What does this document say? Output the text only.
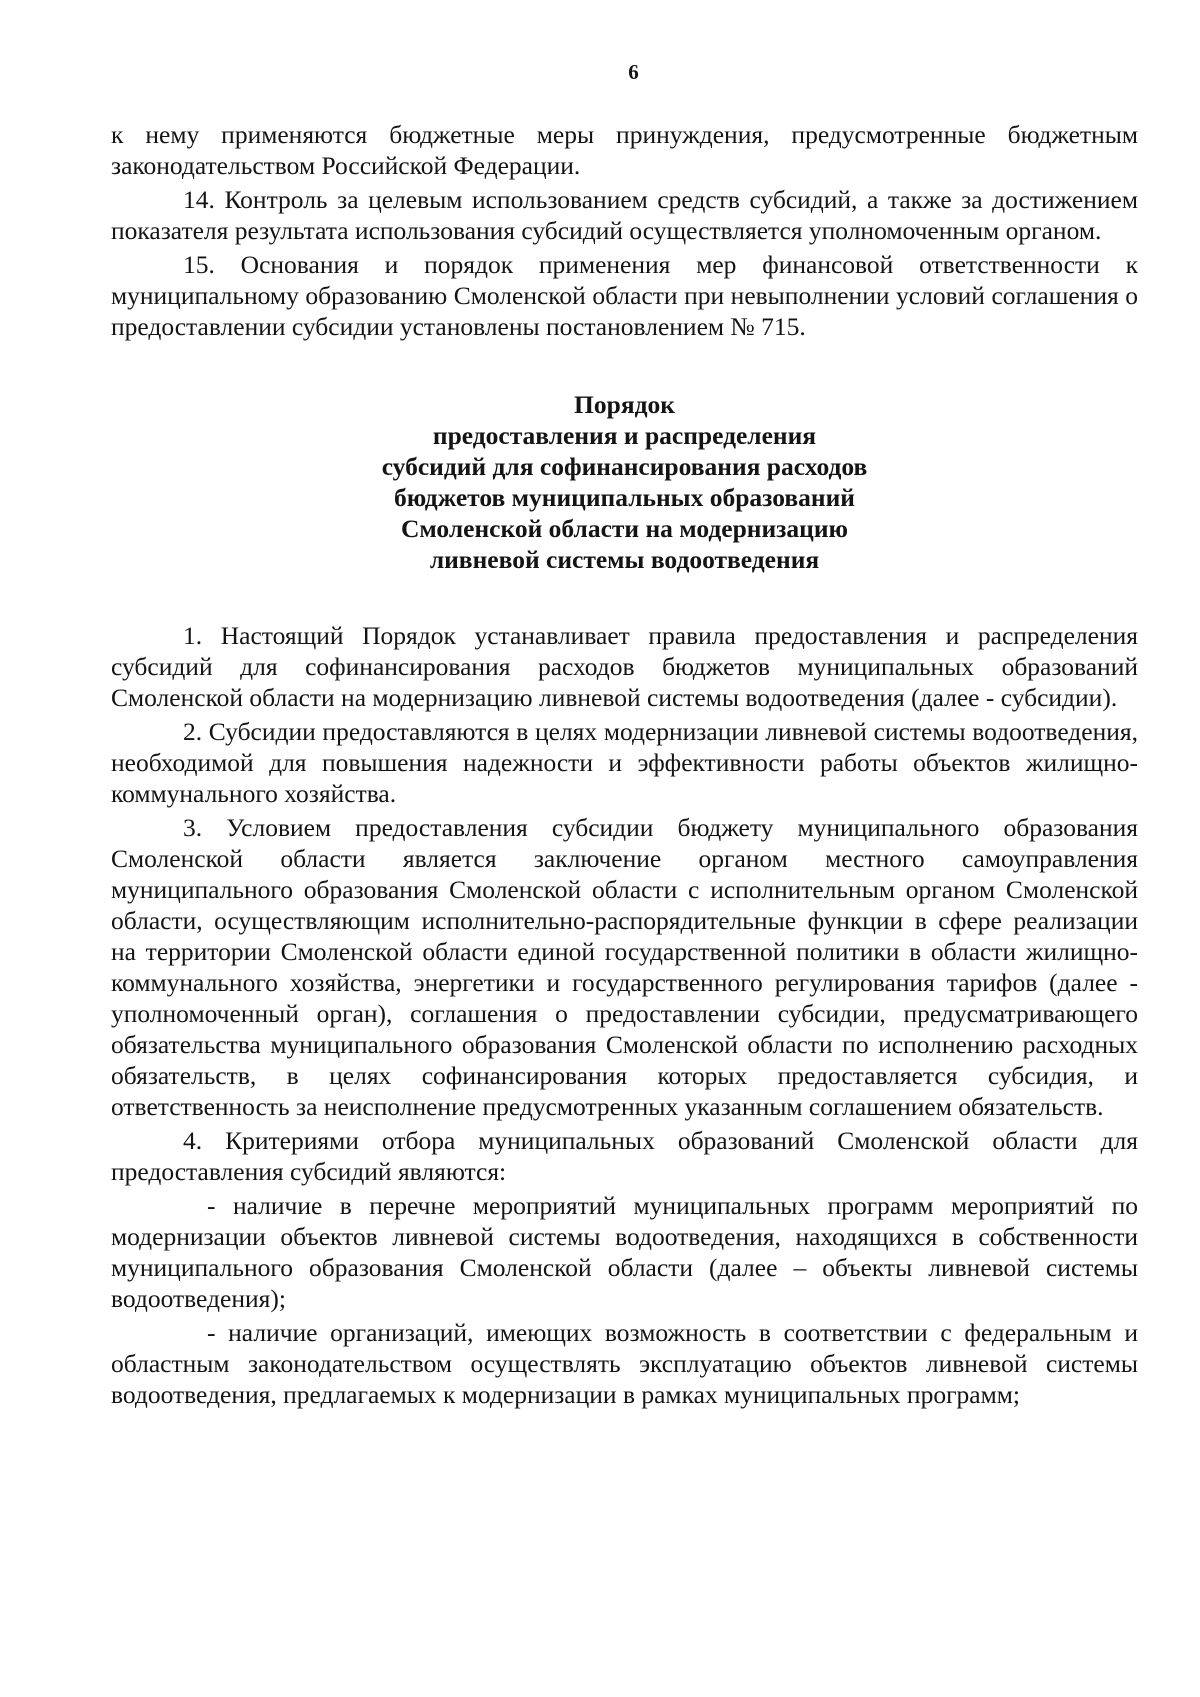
6

к нему применяются бюджетные меры принуждения, предусмотренные бюджетным законодательством Российской Федерации.

14. Контроль за целевым использованием средств субсидий, а также за достижением показателя результата использования субсидий осуществляется уполномоченным органом.

15. Основания и порядок применения мер финансовой ответственности к муниципальному образованию Смоленской области при невыполнении условий соглашения о предоставлении субсидии установлены постановлением № 715.

Порядок
предоставления и распределения
субсидий для софинансирования расходов
бюджетов муниципальных образований
Смоленской области на модернизацию
ливневой системы водоотведения

1. Настоящий Порядок устанавливает правила предоставления и распределения субсидий для софинансирования расходов бюджетов муниципальных образований Смоленской области на модернизацию ливневой системы водоотведения (далее - субсидии).

2. Субсидии предоставляются в целях модернизации ливневой системы водоотведения, необходимой для повышения надежности и эффективности работы объектов жилищно-коммунального хозяйства.

3. Условием предоставления субсидии бюджету муниципального образования Смоленской области является заключение органом местного самоуправления муниципального образования Смоленской области с исполнительным органом Смоленской области, осуществляющим исполнительно-распорядительные функции в сфере реализации на территории Смоленской области единой государственной политики в области жилищно-коммунального хозяйства, энергетики и государственного регулирования тарифов (далее - уполномоченный орган), соглашения о предоставлении субсидии, предусматривающего обязательства муниципального образования Смоленской области по исполнению расходных обязательств, в целях софинансирования которых предоставляется субсидия, и ответственность за неисполнение предусмотренных указанным соглашением обязательств.

4. Критериями отбора муниципальных образований Смоленской области для предоставления субсидий являются:

- наличие в перечне мероприятий муниципальных программ мероприятий по модернизации объектов ливневой системы водоотведения, находящихся в собственности муниципального образования Смоленской области (далее – объекты ливневой системы водоотведения);

- наличие организаций, имеющих возможность в соответствии с федеральным и областным законодательством осуществлять эксплуатацию объектов ливневой системы водоотведения, предлагаемых к модернизации в рамках муниципальных программ;
